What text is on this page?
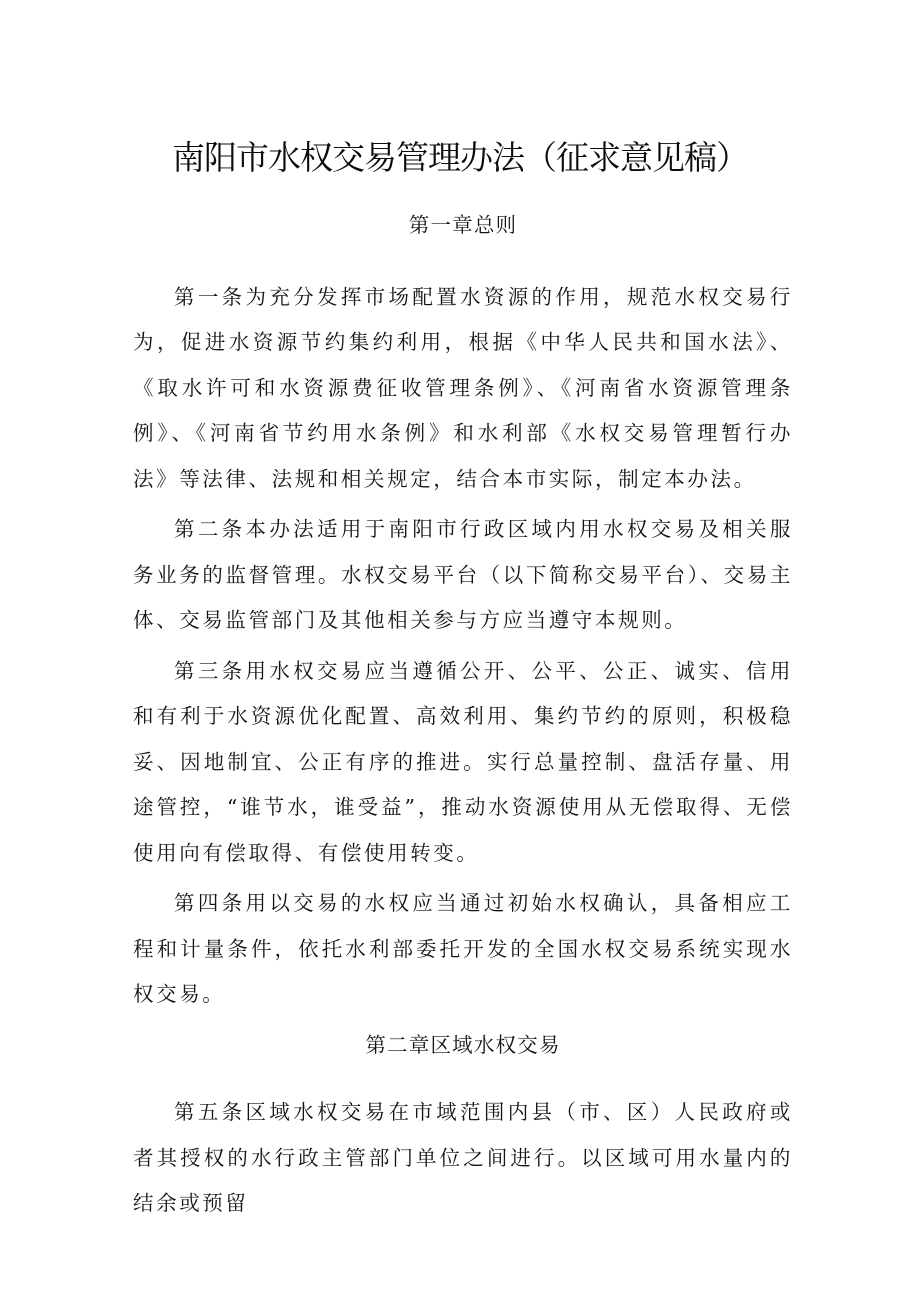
南阳市水权交易管理办法（征求意见稿）
第一章总则

第一条为充分发挥市场配置水资源的作用，规范水权交易行为，促进水资源节约集约利用，根据《中华人民共和国水法》、《取水许可和水资源费征收管理条例》、《河南省水资源管理条例》、《河南省节约用水条例》和水利部《水权交易管理暂行办法》等法律、法规和相关规定，结合本市实际，制定本办法。

第二条本办法适用于南阳市行政区域内用水权交易及相关服务业务的监督管理。水权交易平台（以下简称交易平台）、交易主体、交易监管部门及其他相关参与方应当遵守本规则。

第三条用水权交易应当遵循公开、公平、公正、诚实、信用和有利于水资源优化配置、高效利用、集约节约的原则，积极稳妥、因地制宜、公正有序的推进。实行总量控制、盘活存量、用途管控，“谁节水，谁受益”，推动水资源使用从无偿取得、无偿使用向有偿取得、有偿使用转变。

第四条用以交易的水权应当通过初始水权确认，具备相应工程和计量条件，依托水利部委托开发的全国水权交易系统实现水权交易。

第二章区域水权交易

第五条区域水权交易在市域范围内县（市、区）人民政府或者其授权的水行政主管部门单位之间进行。以区域可用水量内的结余或预留
